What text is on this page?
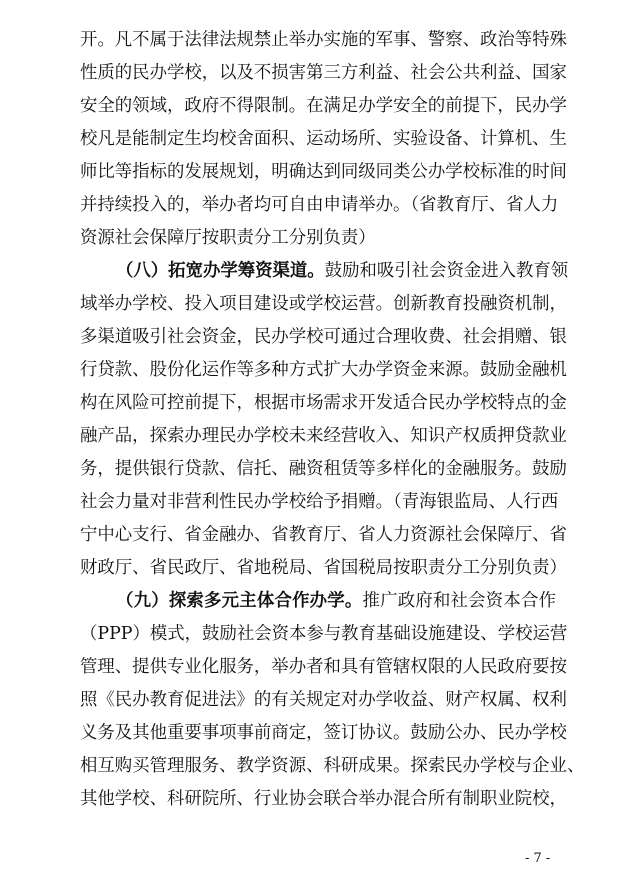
开。凡不属于法律法规禁止举办实施的军事、警察、政治等特殊
性质的民办学校，以及不损害第三方利益、社会公共利益、国家
安全的领域，政府不得限制。在满足办学安全的前提下，民办学
校凡是能制定生均校舍面积、运动场所、实验设备、计算机、生
师比等指标的发展规划，明确达到同级同类公办学校标准的时间
并持续投入的，举办者均可自由申请举办。（省教育厅、省人力
资源社会保障厅按职责分工分别负责）
（八）拓宽办学筹资渠道。鼓励和吸引社会资金进入教育领
域举办学校、投入项目建设或学校运营。创新教育投融资机制，
多渠道吸引社会资金，民办学校可通过合理收费、社会捐赠、银
行贷款、股份化运作等多种方式扩大办学资金来源。鼓励金融机
构在风险可控前提下，根据市场需求开发适合民办学校特点的金
融产品，探索办理民办学校未来经营收入、知识产权质押贷款业
务，提供银行贷款、信托、融资租赁等多样化的金融服务。鼓励
社会力量对非营利性民办学校给予捐赠。（青海银监局、人行西
宁中心支行、省金融办、省教育厅、省人力资源社会保障厅、省
财政厅、省民政厅、省地税局、省国税局按职责分工分别负责）
（九）探索多元主体合作办学。推广政府和社会资本合作
（PPP）模式，鼓励社会资本参与教育基础设施建设、学校运营
管理、提供专业化服务，举办者和具有管辖权限的人民政府要按
照《民办教育促进法》的有关规定对办学收益、财产权属、权利
义务及其他重要事项事前商定，签订协议。鼓励公办、民办学校
相互购买管理服务、教学资源、科研成果。探索民办学校与企业、
其他学校、科研院所、行业协会联合举办混合所有制职业院校，
- 7 -
